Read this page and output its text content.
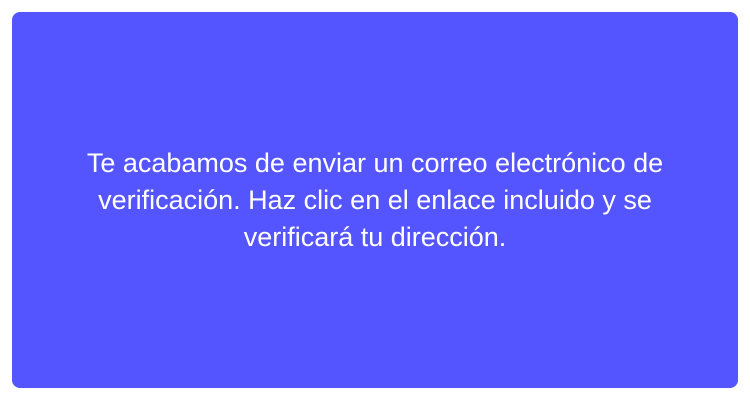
Te acabamos de enviar un correo electrónico de verificación. Haz clic en el enlace incluido y se verificará tu dirección.
